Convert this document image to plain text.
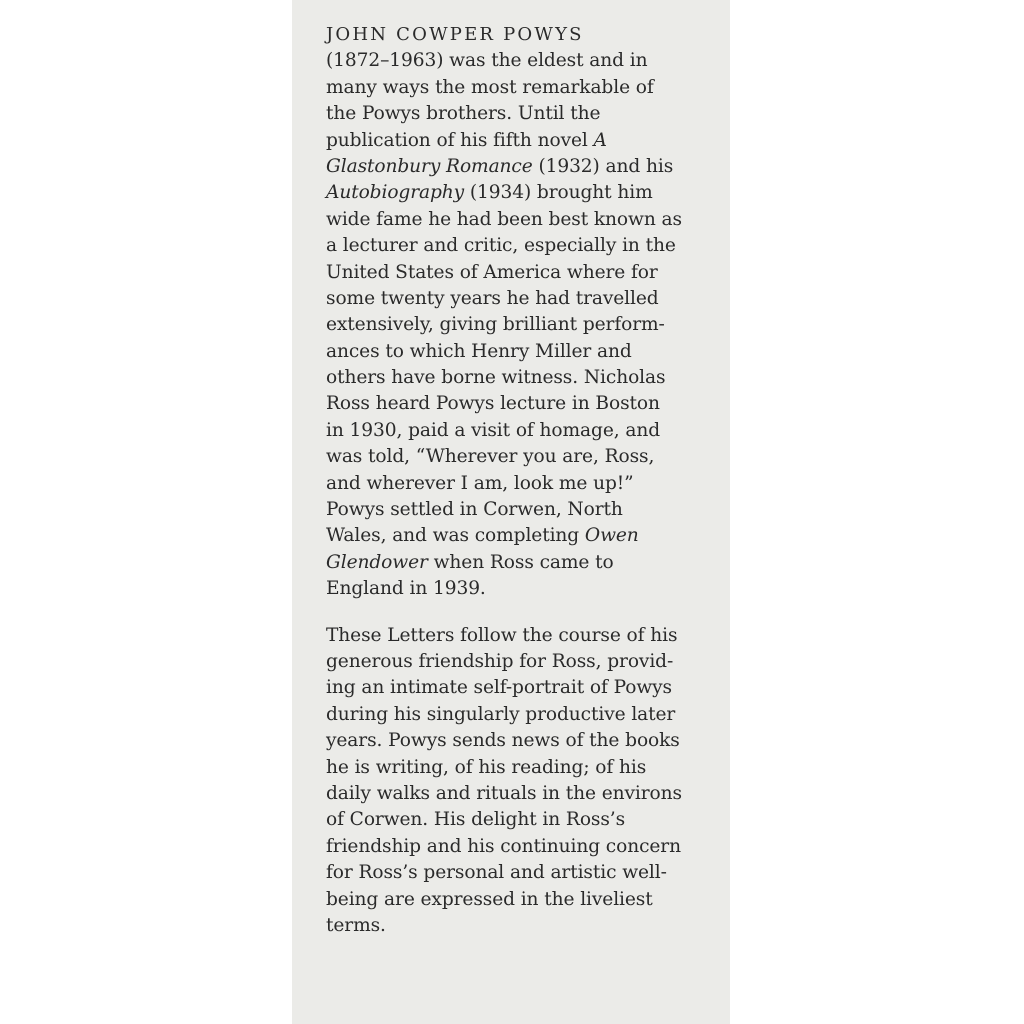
JOHN COWPER POWYS
(1872–1963) was the eldest and in
many ways the most remarkable of
the Powys brothers. Until the
publication of his fifth novel A
Glastonbury Romance (1932) and his
Autobiography (1934) brought him
wide fame he had been best known as
a lecturer and critic, especially in the
United States of America where for
some twenty years he had travelled
extensively, giving brilliant perform-
ances to which Henry Miller and
others have borne witness. Nicholas
Ross heard Powys lecture in Boston
in 1930, paid a visit of homage, and
was told, “Wherever you are, Ross,
and wherever I am, look me up!”
Powys settled in Corwen, North
Wales, and was completing Owen
Glendower when Ross came to
England in 1939.
These Letters follow the course of his
generous friendship for Ross, provid-
ing an intimate self-portrait of Powys
during his singularly productive later
years. Powys sends news of the books
he is writing, of his reading; of his
daily walks and rituals in the environs
of Corwen. His delight in Ross’s
friendship and his continuing concern
for Ross’s personal and artistic well-
being are expressed in the liveliest
terms.
